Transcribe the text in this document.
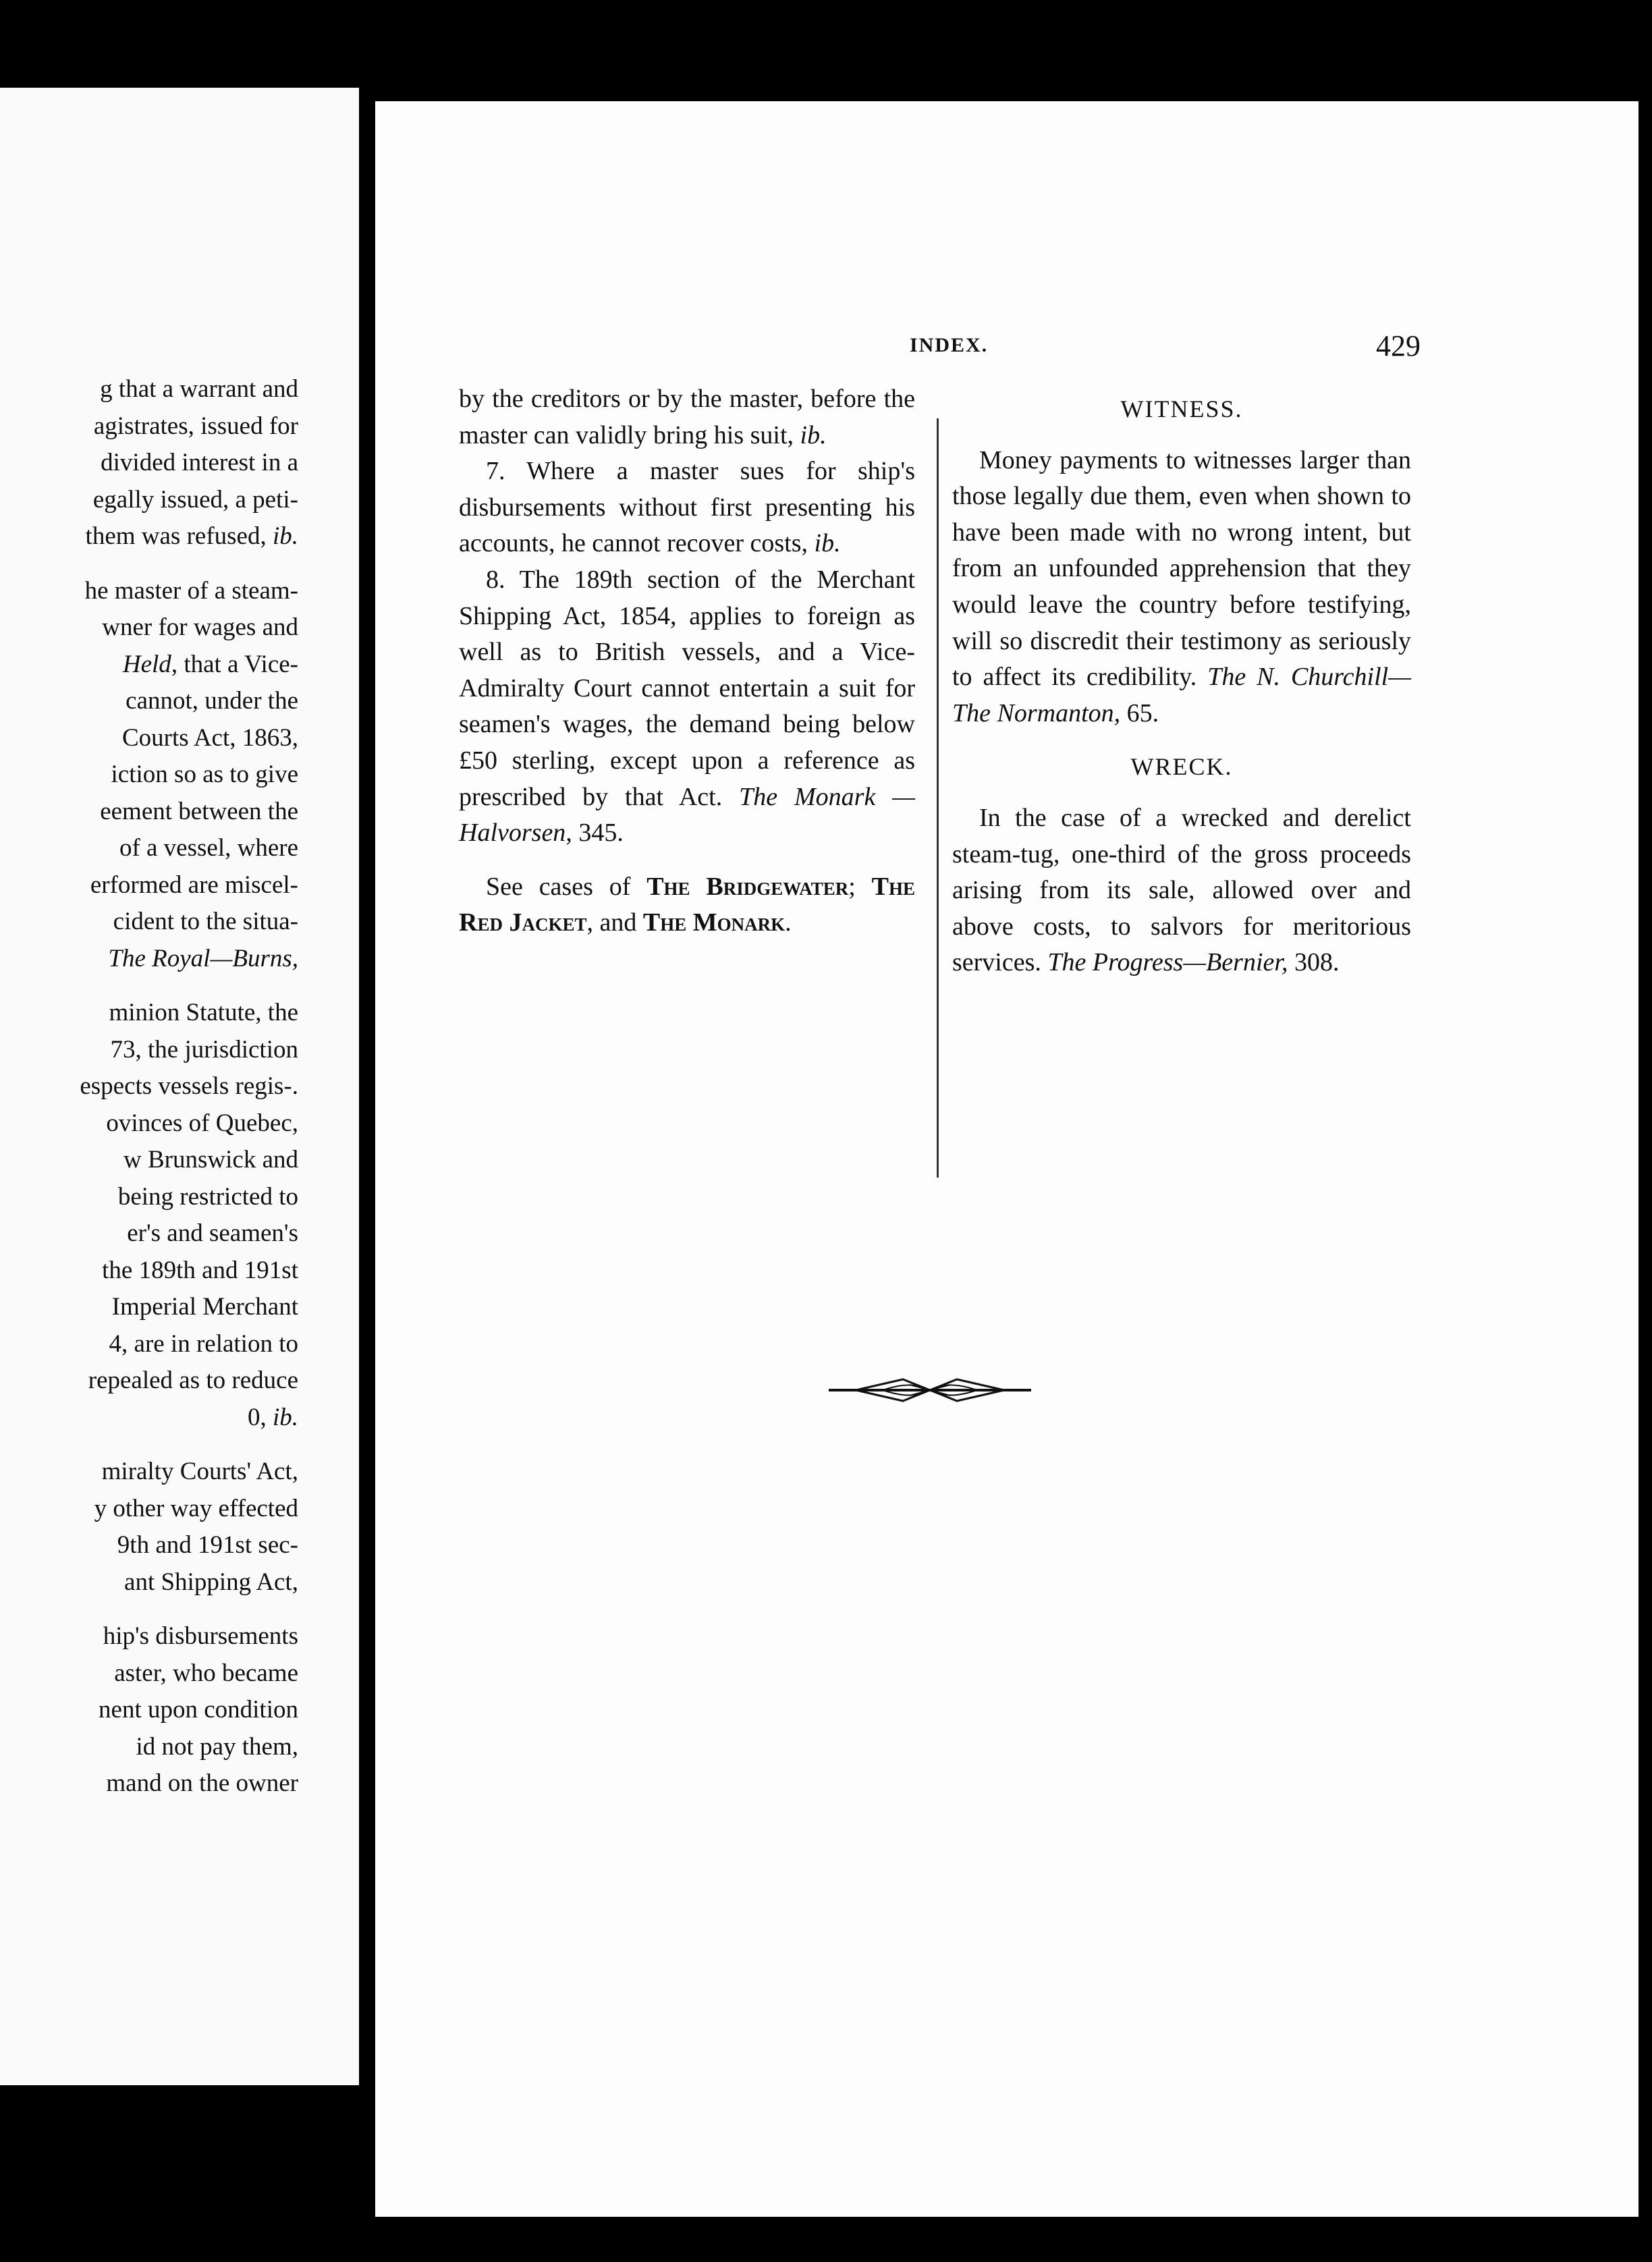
g that a warrant and
agistrates, issued for
divided interest in a
egally issued, a peti-
them was refused, ib.
he master of a steam-
wner for wages and
Held, that a Vice-
cannot, under the
Courts Act, 1863,
iction so as to give
eement between the
of a vessel, where
erformed are miscel-
cident to the situa-
The Royal—Burns,
minion Statute, the
73, the jurisdiction
espects vessels regis-.
ovinces of Quebec,
w Brunswick and
being restricted to
er's and seamen's
the 189th and 191st
Imperial Merchant
4, are in relation to
repealed as to reduce
0, ib.
miralty Courts' Act,
y other way effected
9th and 191st sec-
ant Shipping Act,
hip's disbursements
aster, who became
nent upon condition
id not pay them,
mand on the owner
INDEX.	429

by the creditors or by the master, before the master can validly bring his suit, ib.

7. Where a master sues for ship's disbursements without first presenting his accounts, he cannot recover costs, ib.

8. The 189th section of the Merchant Shipping Act, 1854, applies to foreign as well as to British vessels, and a Vice-Admiralty Court cannot entertain a suit for seamen's wages, the demand being below £50 sterling, except upon a reference as prescribed by that Act. The Monark — Halvorsen, 345.

See cases of The Bridgewater; The Red Jacket, and The Monark.

WITNESS.

Money payments to witnesses larger than those legally due them, even when shown to have been made with no wrong intent, but from an unfounded apprehension that they would leave the country before testifying, will so discredit their testimony as seriously to affect its credibility. The N. Churchill—The Normanton, 65.

WRECK.

In the case of a wrecked and derelict steam-tug, one-third of the gross proceeds arising from its sale, allowed over and above costs, to salvors for meritorious services. The Progress—Bernier, 308.
